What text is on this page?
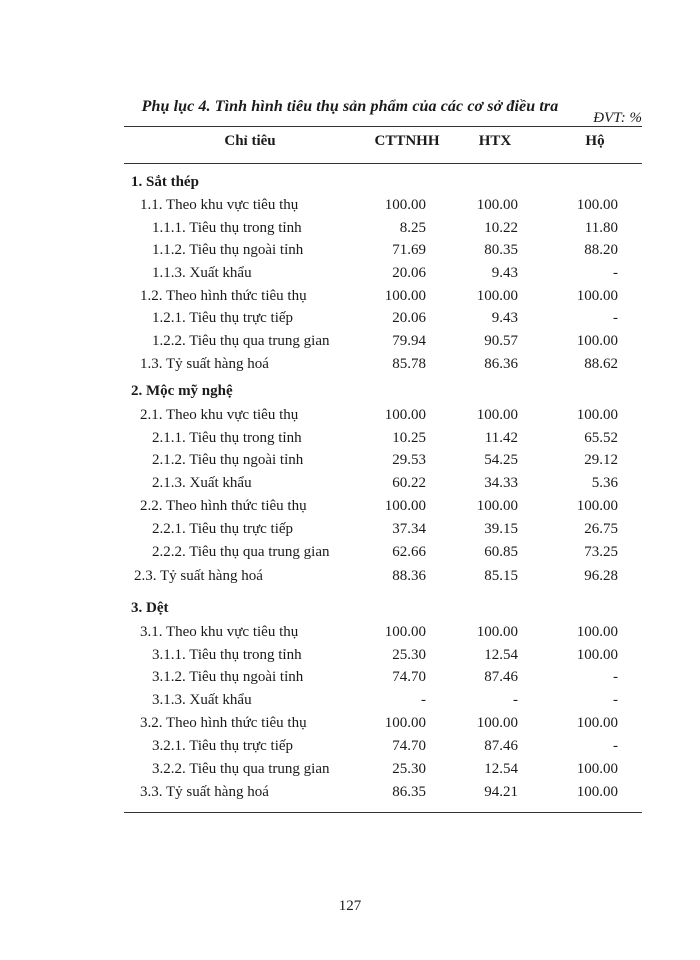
Phụ lục 4. Tình hình tiêu thụ sản phẩm của các cơ sở điều tra
ĐVT: %
Chỉ tiêu	CTTNHH	HTX	Hộ
1. Sắt thép
1.1. Theo khu vực tiêu thụ	100.00	100.00	100.00
1.1.1. Tiêu thụ trong tỉnh	8.25	10.22	11.80
1.1.2. Tiêu thụ ngoài tỉnh	71.69	80.35	88.20
1.1.3. Xuất khẩu	20.06	9.43	-
1.2. Theo hình thức tiêu thụ	100.00	100.00	100.00
1.2.1. Tiêu thụ trực tiếp	20.06	9.43	-
1.2.2. Tiêu thụ qua trung gian	79.94	90.57	100.00
1.3. Tỷ suất hàng hoá	85.78	86.36	88.62
2. Mộc mỹ nghệ
2.1. Theo khu vực tiêu thụ	100.00	100.00	100.00
2.1.1. Tiêu thụ trong tỉnh	10.25	11.42	65.52
2.1.2. Tiêu thụ ngoài tỉnh	29.53	54.25	29.12
2.1.3. Xuất khẩu	60.22	34.33	5.36
2.2. Theo hình thức tiêu thụ	100.00	100.00	100.00
2.2.1. Tiêu thụ trực tiếp	37.34	39.15	26.75
2.2.2. Tiêu thụ qua trung gian	62.66	60.85	73.25
2.3. Tỷ suất hàng hoá	88.36	85.15	96.28
3. Dệt
3.1. Theo khu vực tiêu thụ	100.00	100.00	100.00
3.1.1. Tiêu thụ trong tỉnh	25.30	12.54	100.00
3.1.2. Tiêu thụ ngoài tỉnh	74.70	87.46	-
3.1.3. Xuất khẩu	-	-	-
3.2. Theo hình thức tiêu thụ	100.00	100.00	100.00
3.2.1. Tiêu thụ trực tiếp	74.70	87.46	-
3.2.2. Tiêu thụ qua trung gian	25.30	12.54	100.00
3.3. Tỷ suất hàng hoá	86.35	94.21	100.00
127
